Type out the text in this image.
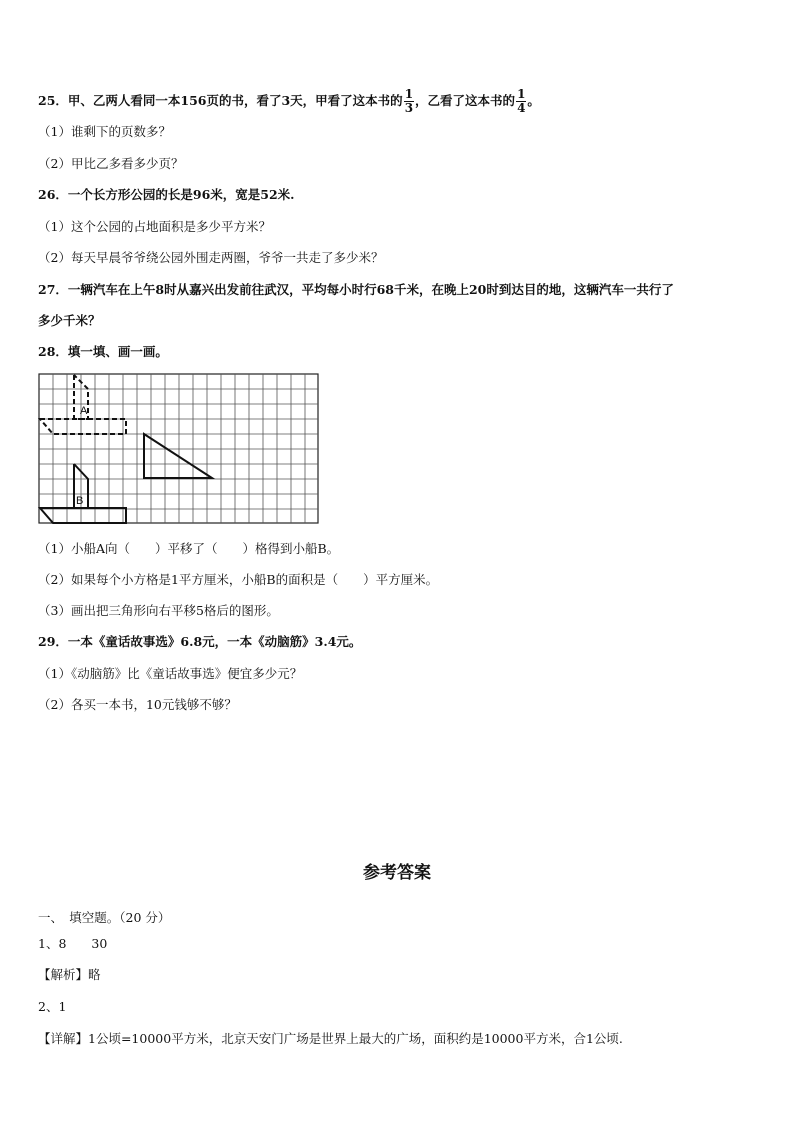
25．甲、乙两人看同一本156页的书，看了3天，甲看了这本书的 $\frac{1}{3}$ ，乙看了这本书的 $\frac{1}{4}$ 。
（1）谁剩下的页数多？
（2）甲比乙多看多少页？
26．一个长方形公园的长是96米，宽是52米.
（1）这个公园的占地面积是多少平方米？
（2）每天早晨爷爷绕公园外围走两圈，爷爷一共走了多少米？
27．一辆汽车在上午8时从嘉兴出发前往武汉，平均每小时行68千米，在晚上20时到达目的地，这辆汽车一共行了
多少千米？
28．填一填、画一画。
A
B
（1）小船A向（　　）平移了（　　）格得到小船B。
（2）如果每个小方格是1平方厘米，小船B的面积是（　　）平方厘米。
（3）画出把三角形向右平移5格后的图形。
29．一本《童话故事选》6.8元，一本《动脑筋》3.4元。
（1）《动脑筋》比《童话故事选》便宜多少元？
（2）各买一本书，10元钱够不够？
参考答案
一、　填空题。（20 分）
1、8　　30
【解析】略
2、1
【详解】1公顷=10000平方米，北京天安门广场是世界上最大的广场，面积约是10000平方米，合1公顷.
